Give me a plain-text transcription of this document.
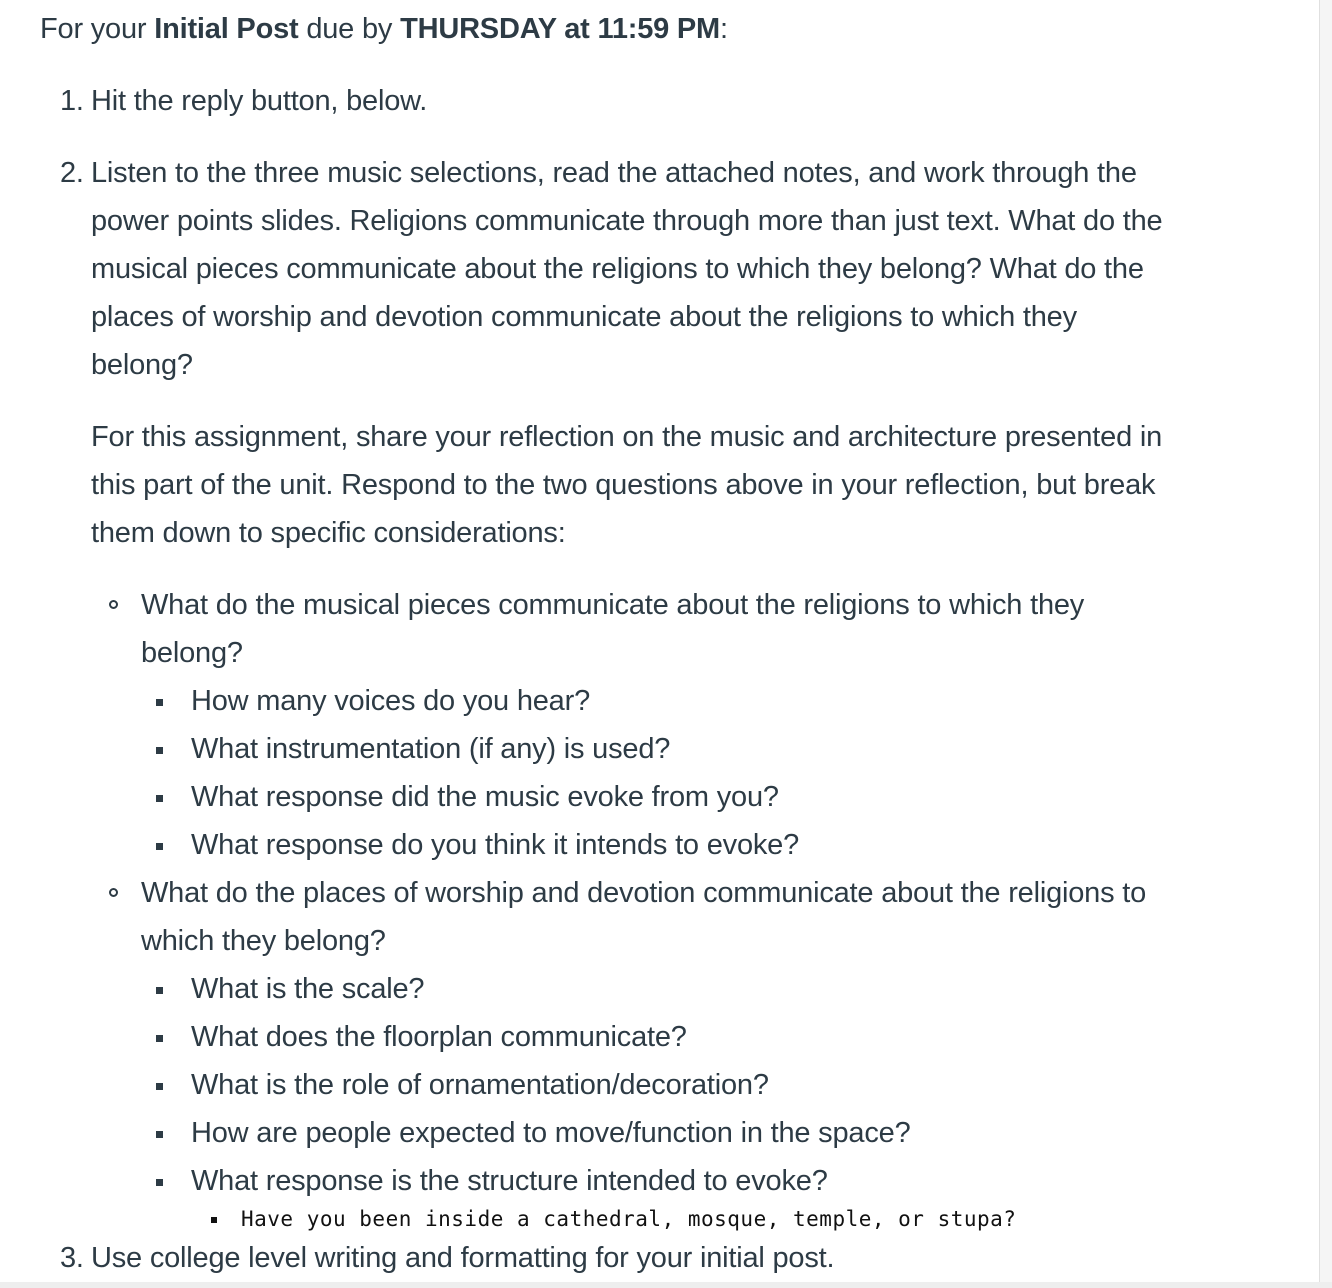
For your Initial Post due by THURSDAY at 11:59 PM:
1. Hit the reply button, below.
2. Listen to the three music selections, read the attached notes, and work through the
power points slides. Religions communicate through more than just text. What do the
musical pieces communicate about the religions to which they belong? What do the
places of worship and devotion communicate about the religions to which they
belong?
For this assignment, share your reflection on the music and architecture presented in
this part of the unit. Respond to the two questions above in your reflection, but break
them down to specific considerations:
What do the musical pieces communicate about the religions to which they
belong?
How many voices do you hear?
What instrumentation (if any) is used?
What response did the music evoke from you?
What response do you think it intends to evoke?
What do the places of worship and devotion communicate about the religions to
which they belong?
What is the scale?
What does the floorplan communicate?
What is the role of ornamentation/decoration?
How are people expected to move/function in the space?
What response is the structure intended to evoke?
Have you been inside a cathedral, mosque, temple, or stupa?
3. Use college level writing and formatting for your initial post.
